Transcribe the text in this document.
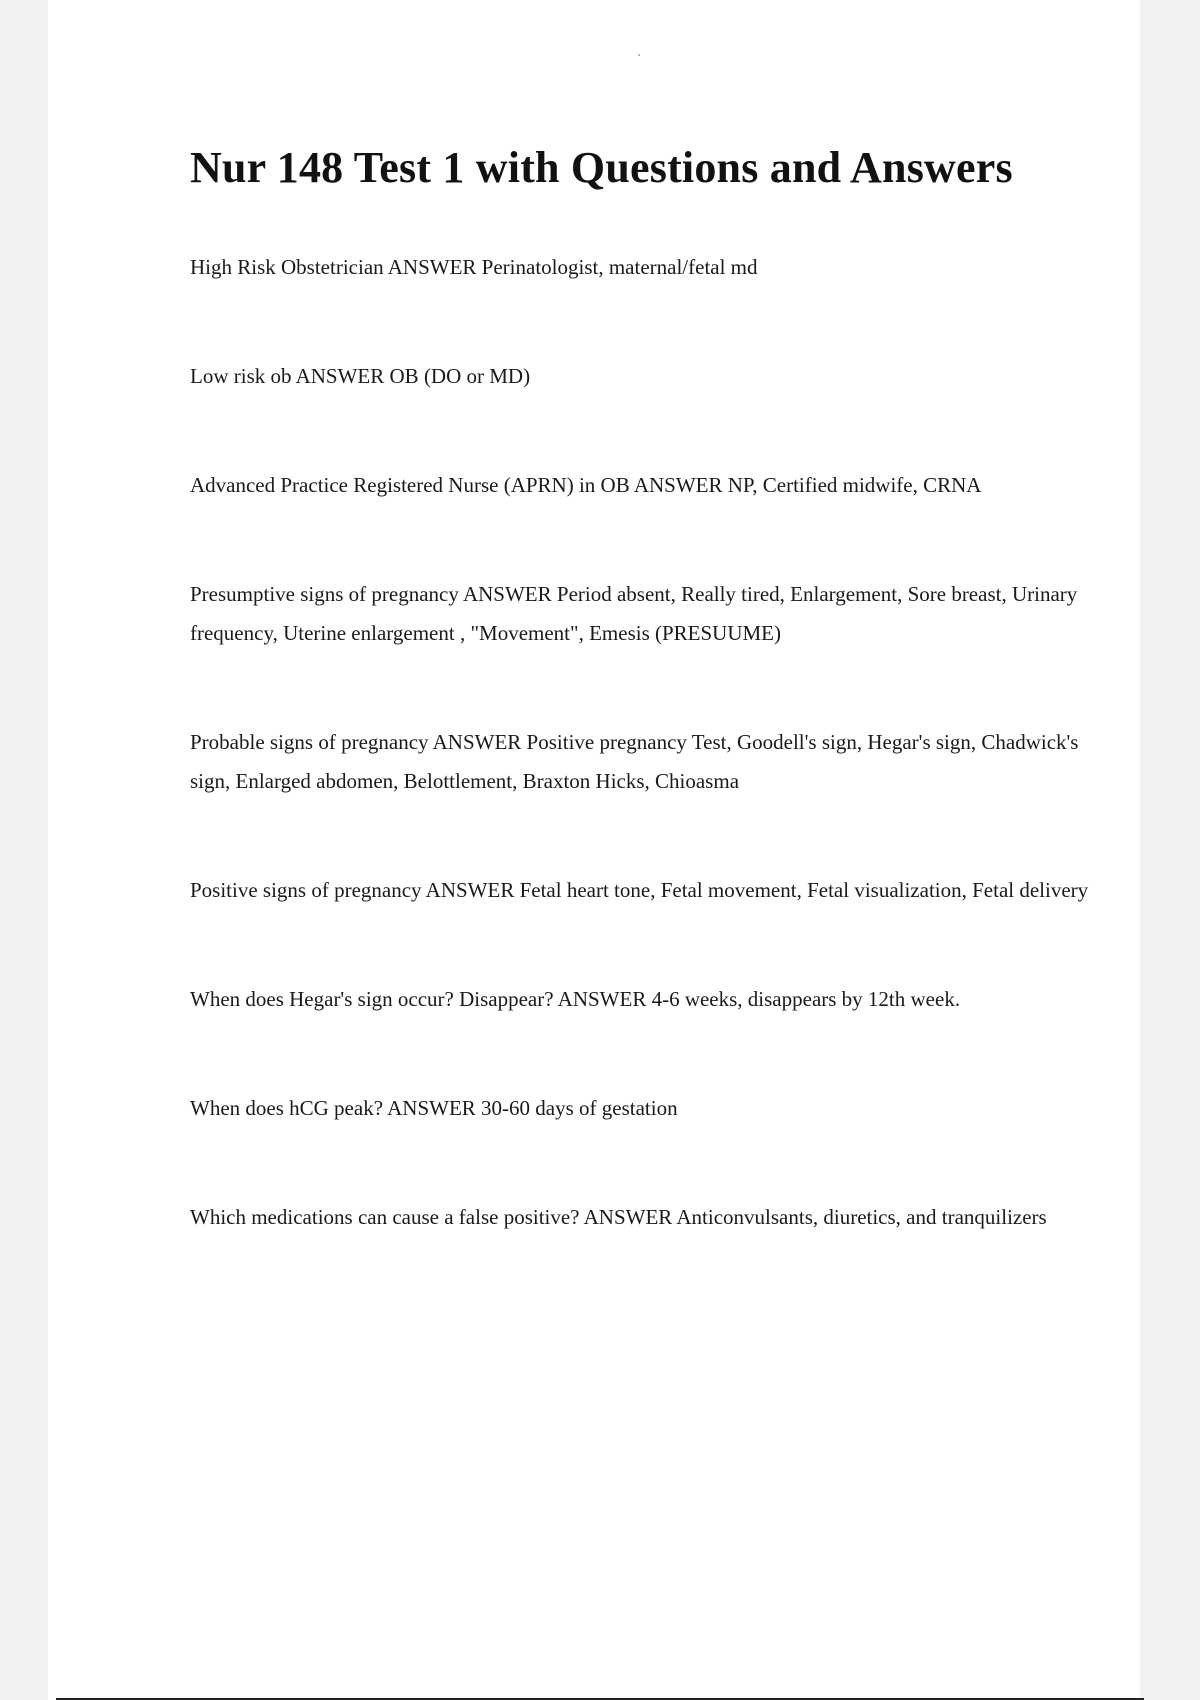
Nur 148 Test 1 with Questions and Answers
High Risk Obstetrician ANSWER Perinatologist, maternal/fetal md
Low risk ob ANSWER OB (DO or MD)
Advanced Practice Registered Nurse (APRN) in OB ANSWER NP, Certified midwife, CRNA
Presumptive signs of pregnancy ANSWER Period absent, Really tired, Enlargement, Sore breast, Urinary frequency, Uterine enlargement , "Movement", Emesis (PRESUUME)
Probable signs of pregnancy ANSWER Positive pregnancy Test, Goodell's sign, Hegar's sign, Chadwick's sign, Enlarged abdomen, Belottlement, Braxton Hicks, Chioasma
Positive signs of pregnancy ANSWER Fetal heart tone, Fetal movement, Fetal visualization, Fetal delivery
When does Hegar's sign occur? Disappear? ANSWER 4-6 weeks, disappears by 12th week.
When does hCG peak? ANSWER 30-60 days of gestation
Which medications can cause a false positive? ANSWER Anticonvulsants, diuretics, and tranquilizers
